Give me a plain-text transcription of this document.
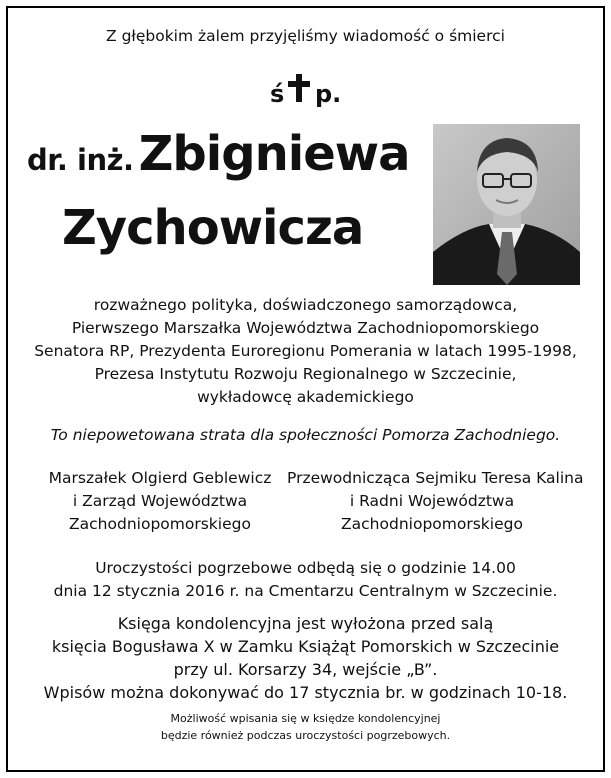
Z głębokim żalem przyjęliśmy wiadomość o śmierci
ś p.
dr. inż. Zbigniewa
Zychowicza
rozważnego polityka, doświadczonego samorządowca,
Pierwszego Marszałka Województwa Zachodniopomorskiego
Senatora RP, Prezydenta Euroregionu Pomerania w latach 1995-1998,
Prezesa Instytutu Rozwoju Regionalnego w Szczecinie,
wykładowcę akademickiego
To niepowetowana strata dla społeczności Pomorza Zachodniego.
Marszałek Olgierd Geblewicz
i Zarząd Województwa
Zachodniopomorskiego
Przewodnicząca Sejmiku Teresa Kalina
i Radni Województwa
Zachodniopomorskiego
Uroczystości pogrzebowe odbędą się o godzinie 14.00
dnia 12 stycznia 2016 r. na Cmentarzu Centralnym w Szczecinie.
Księga kondolencyjna jest wyłożona przed salą
księcia Bogusława X w Zamku Książąt Pomorskich w Szczecinie
przy ul. Korsarzy 34, wejście „B”.
Wpisów można dokonywać do 17 stycznia br. w godzinach 10-18.
Możliwość wpisania się w księdze kondolencyjnej
będzie również podczas uroczystości pogrzebowych.
